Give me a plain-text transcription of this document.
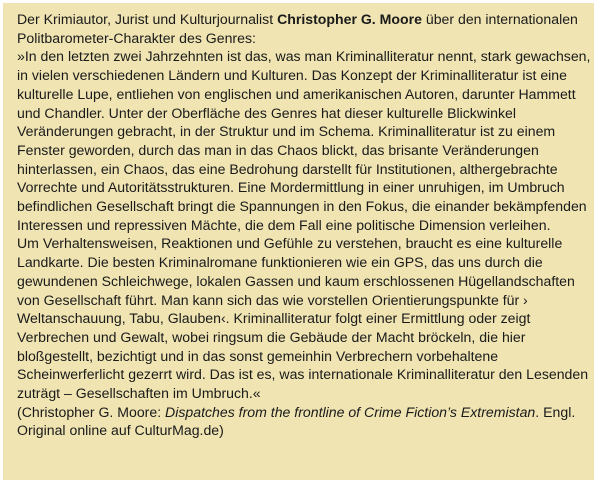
Der Krimiautor, Jurist und Kulturjournalist Christopher G. Moore über den internationalen
Politbarometer-Charakter des Genres:
»In den letzten zwei Jahrzehnten ist das, was man Kriminalliteratur nennt, stark gewachsen,
in vielen verschiedenen Ländern und Kulturen. Das Konzept der Kriminalliteratur ist eine
kulturelle Lupe, entliehen von englischen und amerikanischen Autoren, darunter Hammett
und Chandler. Unter der Oberfläche des Genres hat dieser kulturelle Blickwinkel
Veränderungen gebracht, in der Struktur und im Schema. Kriminalliteratur ist zu einem
Fenster geworden, durch das man in das Chaos blickt, das brisante Veränderungen
hinterlassen, ein Chaos, das eine Bedrohung darstellt für Institutionen, althergebrachte
Vorrechte und Autoritätsstrukturen. Eine Mordermittlung in einer unruhigen, im Umbruch
befindlichen Gesellschaft bringt die Spannungen in den Fokus, die einander bekämpfenden
Interessen und repressiven Mächte, die dem Fall eine politische Dimension verleihen.
Um Verhaltensweisen, Reaktionen und Gefühle zu verstehen, braucht es eine kulturelle
Landkarte. Die besten Kriminalromane funktionieren wie ein GPS, das uns durch die
gewundenen Schleichwege, lokalen Gassen und kaum erschlossenen Hügellandschaften
von Gesellschaft führt. Man kann sich das wie vorstellen Orientierungspunkte für ›
Weltanschauung, Tabu, Glauben‹. Kriminalliteratur folgt einer Ermittlung oder zeigt
Verbrechen und Gewalt, wobei ringsum die Gebäude der Macht bröckeln, die hier
bloßgestellt, bezichtigt und in das sonst gemeinhin Verbrechern vorbehaltene
Scheinwerferlicht gezerrt wird. Das ist es, was internationale Kriminalliteratur den Lesenden
zuträgt – Gesellschaften im Umbruch.«
(Christopher G. Moore: Dispatches from the frontline of Crime Fiction’s Extremistan. Engl.
Original online auf CulturMag.de)
